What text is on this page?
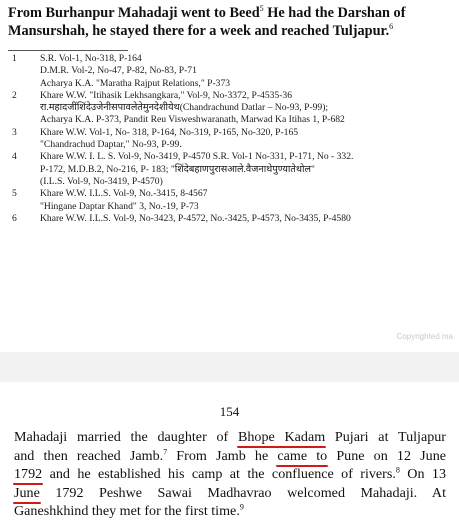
From Burhanpur Mahadaji went to Beed$^5$ He had the Darshan of
Mansurshah, he stayed there for a week and reached Tuljapur.$^6$
1	S.R. Vol-1, No-318, P-164
D.M.R. Vol-2, No-47, P-82, No-83, P-71
Acharya K.A. "Maratha Rajput Relations," P-373
2	Khare W.W. "Itihasik Lekhsangkara," Vol-9, No-3372, P-4535-36
रा.महादजींशिंदेउजेनीसपावलेतेमुनदेशीयेथ(Chandrachund Datlar – No-93, P-99);
Acharya K.A. P-373, Pandit Reu Visweshwaranath, Marwad Ka Itihas 1, P-682
3	Khare W.W. Vol-1, No- 318, P-164, No-319, P-165, No-320, P-165
"Chandrachud Daptar," No-93, P-99.
4	Khare W.W. I. L. S. Vol-9, No-3419, P-4570 S.R. Vol-1 No-331, P-171, No - 332.
P-172, M.D.B.2, No-216, P- 183; "शिंदेबहाणपुरासआले.वैजनाथेपुण्यातेथोल"
(I.L.S. Vol-9, No-3419, P-4570)
5	Khare W.W. I.L.S. Vol-9, No.-3415, 8-4567
"Hingane Daptar Khand" 3, No.-19, P-73
6	Khare W.W. I.L.S. Vol-9, No-3423, P-4572, No.-3425, P-4573, No-3435, P-4580
Copyrighted ma
154
Mahadaji married the daughter of Bhope Kadam Pujari at Tuljapur
and then reached Jamb.$^7$ From Jamb he came to Pune on 12 June
1792 and he established his camp at the confluence of rivers.$^8$ On 13
June 1792 Peshwe Sawai Madhavrao welcomed Mahadaji. At
Ganeshkhind they met for the first time.$^9$
